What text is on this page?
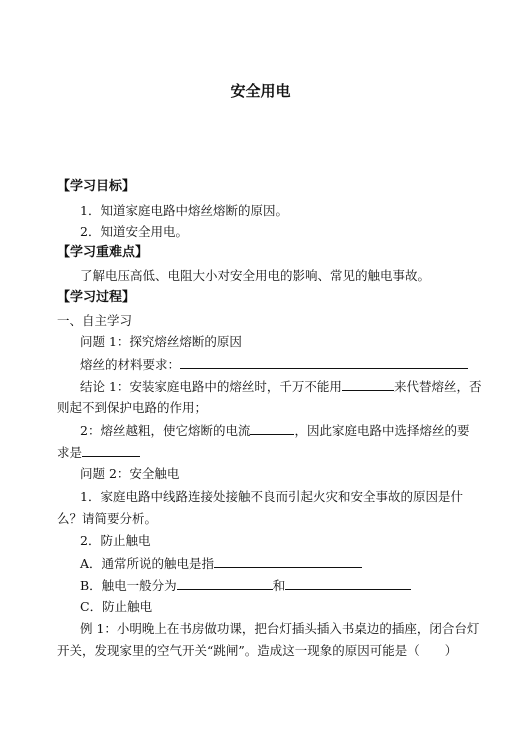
安全用电
【学习目标】
1．知道家庭电路中熔丝熔断的原因。
2．知道安全用电。
【学习重难点】
了解电压高低、电阻大小对安全用电的影响、常见的触电事故。
【学习过程】
一、自主学习
问题 1：探究熔丝熔断的原因
熔丝的材料要求：
结论 1：安装家庭电路中的熔丝时，千万不能用	来代替熔丝，否
则起不到保护电路的作用；
2：熔丝越粗，使它熔断的电流	，因此家庭电路中选择熔丝的要
求是
问题 2：安全触电
1．家庭电路中线路连接处接触不良而引起火灾和安全事故的原因是什
么？请简要分析。
2．防止触电
A．通常所说的触电是指
B．触电一般分为	和
C．防止触电
例 1：小明晚上在书房做功课，把台灯插头插入书桌边的插座，闭合台灯
开关，发现家里的空气开关“跳闸”。造成这一现象的原因可能是（　　）
